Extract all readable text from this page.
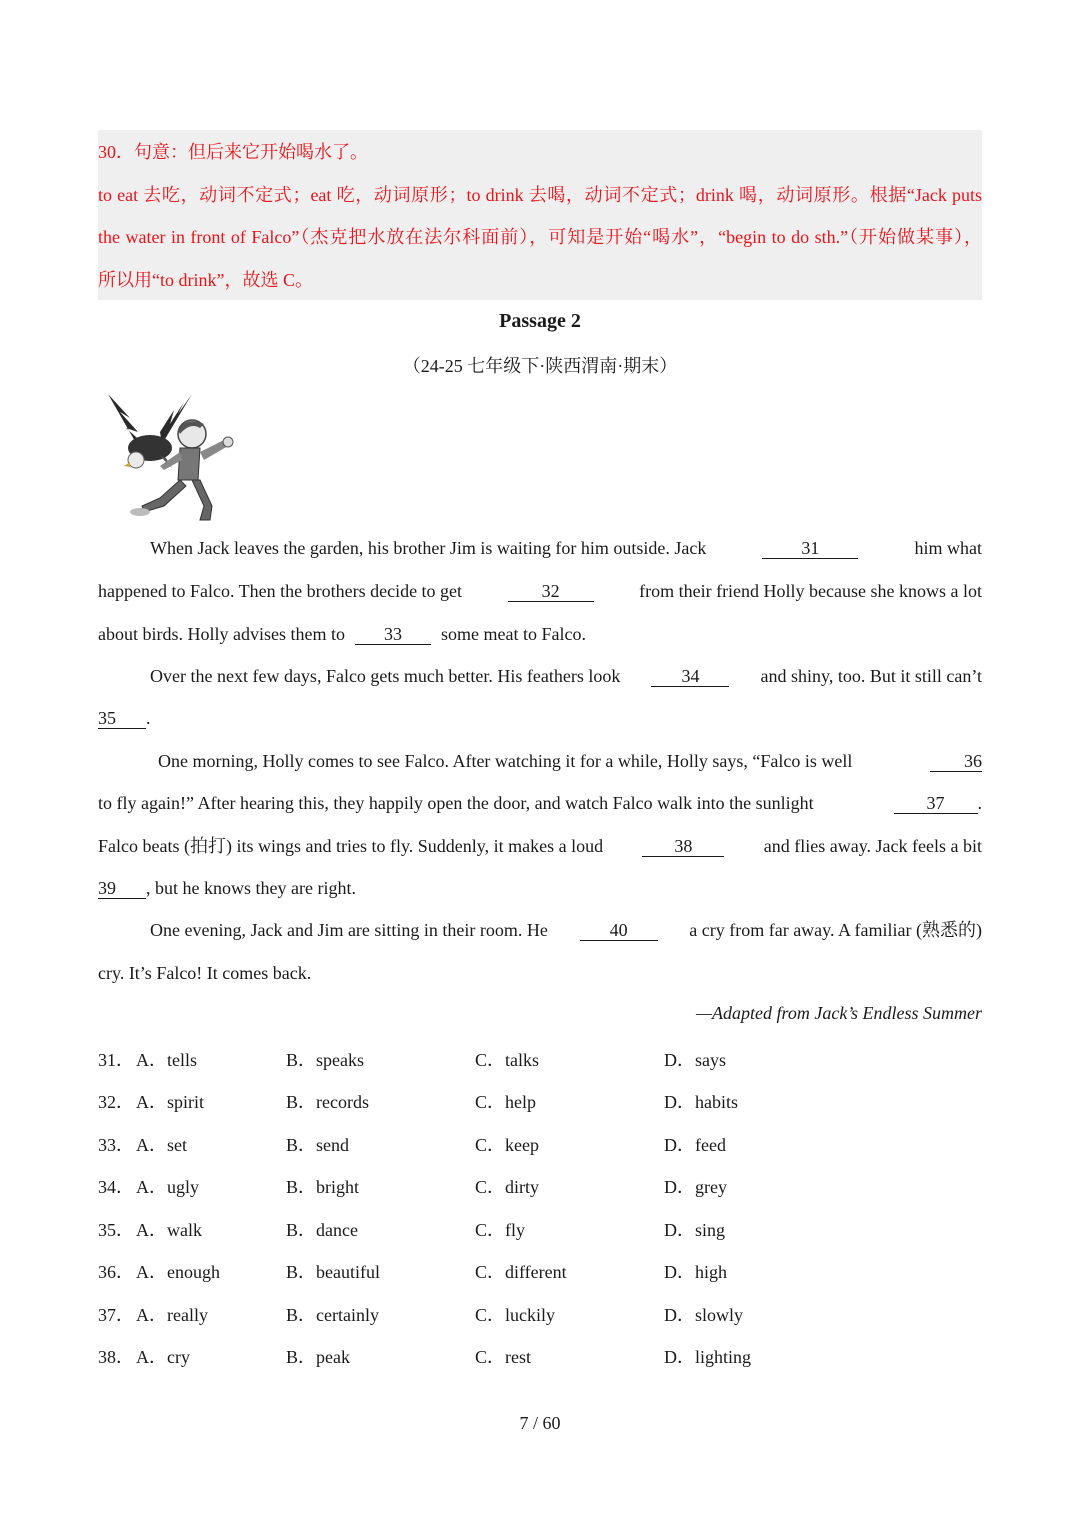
30．句意：但后来它开始喝水了。
to eat 去吃，动词不定式；eat 吃，动词原形；to drink 去喝，动词不定式；drink 喝，动词原形。根据“Jack puts
the water in front of Falco”（杰克把水放在法尔科面前），可知是开始“喝水”，“begin to do sth.”（开始做某事），
所以用“to drink”，故选 C。
Passage 2
（24-25 七年级下·陕西渭南·期末）
When Jack leaves the garden, his brother Jim is waiting for him outside. Jack	31	him what
happened to Falco. Then the brothers decide to get	32	from their friend Holly because she knows a lot
about birds. Holly advises them to	33	some meat to Falco.
Over the next few days, Falco gets much better. His feathers look	34	and shiny, too. But it still can’t
35	.
One morning, Holly comes to see Falco. After watching it for a while, Holly says, “Falco is well	36
to fly again!” After hearing this, they happily open the door, and watch Falco walk into the sunlight	37	.
Falco beats (拍打) its wings and tries to fly. Suddenly, it makes a loud	38	and flies away. Jack feels a bit
39	, but he knows they are right.
One evening, Jack and Jim are sitting in their room. He	40	a cry from far away. A familiar (熟悉的)
cry. It’s Falco! It comes back.
—Adapted from Jack’s Endless Summer
31． A．tells	B．speaks	C．talks	D．says
32． A．spirit	B．records	C．help	D．habits
33． A．set	B．send	C．keep	D．feed
34． A．ugly	B．bright	C．dirty	D．grey
35． A．walk	B．dance	C．fly	D．sing
36． A．enough	B．beautiful	C．different	D．high
37． A．really	B．certainly	C．luckily	D．slowly
38． A．cry	B．peak	C．rest	D．lighting
7 / 60
